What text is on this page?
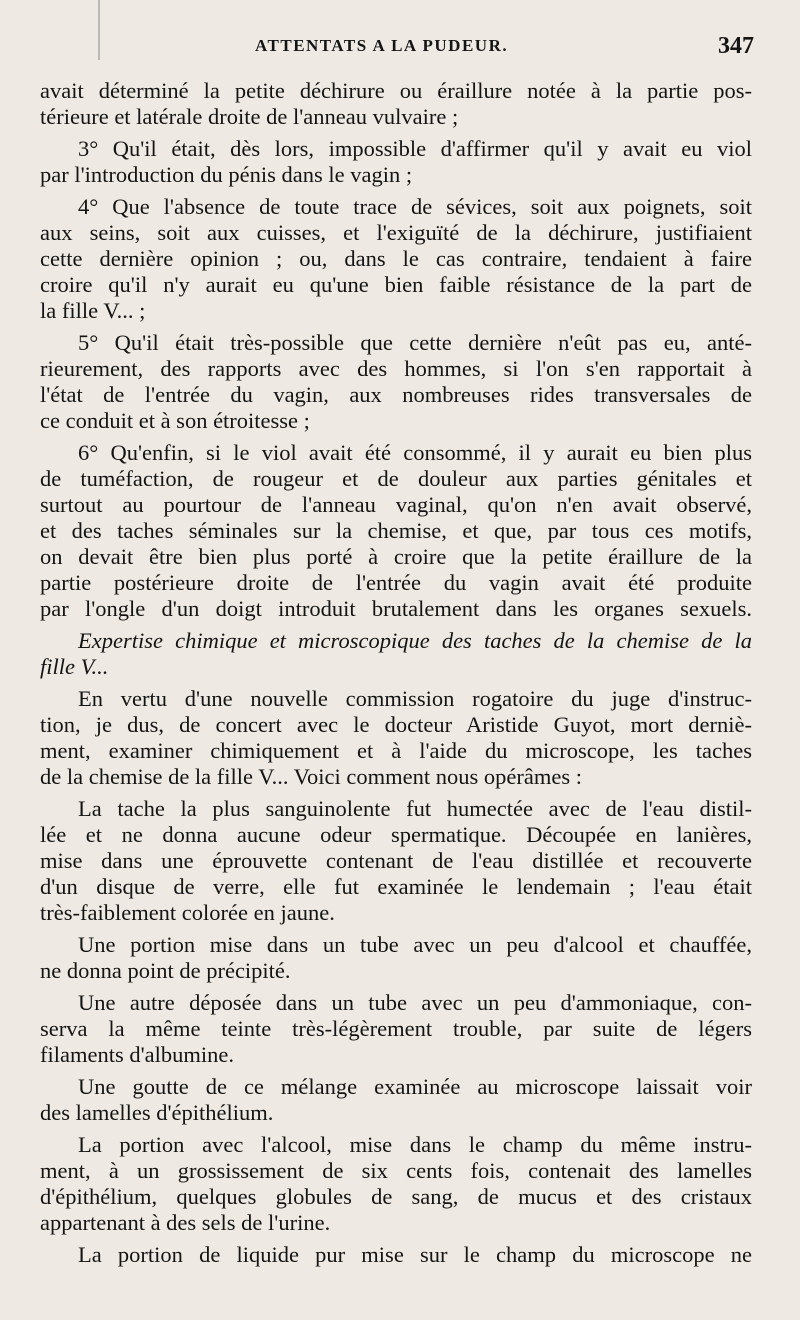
ATTENTATS A LA PUDEUR.	347

avait déterminé la petite déchirure ou éraillure notée à la partie pos-
térieure et latérale droite de l'anneau vulvaire ;

3° Qu'il était, dès lors, impossible d'affirmer qu'il y avait eu viol
par l'introduction du pénis dans le vagin ;

4° Que l'absence de toute trace de sévices, soit aux poignets, soit
aux seins, soit aux cuisses, et l'exiguïté de la déchirure, justifiaient
cette dernière opinion ; ou, dans le cas contraire, tendaient à faire
croire qu'il n'y aurait eu qu'une bien faible résistance de la part de
la fille V... ;

5° Qu'il était très-possible que cette dernière n'eût pas eu, anté-
rieurement, des rapports avec des hommes, si l'on s'en rapportait à
l'état de l'entrée du vagin, aux nombreuses rides transversales de
ce conduit et à son étroitesse ;

6° Qu'enfin, si le viol avait été consommé, il y aurait eu bien plus
de tuméfaction, de rougeur et de douleur aux parties génitales et
surtout au pourtour de l'anneau vaginal, qu'on n'en avait observé,
et des taches séminales sur la chemise, et que, par tous ces motifs,
on devait être bien plus porté à croire que la petite éraillure de la
partie postérieure droite de l'entrée du vagin avait été produite
par l'ongle d'un doigt introduit brutalement dans les organes sexuels.

Expertise chimique et microscopique des taches de la chemise de la
fille V...

En vertu d'une nouvelle commission rogatoire du juge d'instruc-
tion, je dus, de concert avec le docteur Aristide Guyot, mort derniè-
ment, examiner chimiquement et à l'aide du microscope, les taches
de la chemise de la fille V... Voici comment nous opérâmes :

La tache la plus sanguinolente fut humectée avec de l'eau distil-
lée et ne donna aucune odeur spermatique. Découpée en lanières,
mise dans une éprouvette contenant de l'eau distillée et recouverte
d'un disque de verre, elle fut examinée le lendemain ; l'eau était
très-faiblement colorée en jaune.

Une portion mise dans un tube avec un peu d'alcool et chauffée,
ne donna point de précipité.

Une autre déposée dans un tube avec un peu d'ammoniaque, con-
serva la même teinte très-légèrement trouble, par suite de légers
filaments d'albumine.

Une goutte de ce mélange examinée au microscope laissait voir
des lamelles d'épithélium.

La portion avec l'alcool, mise dans le champ du même instru-
ment, à un grossissement de six cents fois, contenait des lamelles
d'épithélium, quelques globules de sang, de mucus et des cristaux
appartenant à des sels de l'urine.

La portion de liquide pur mise sur le champ du microscope ne
